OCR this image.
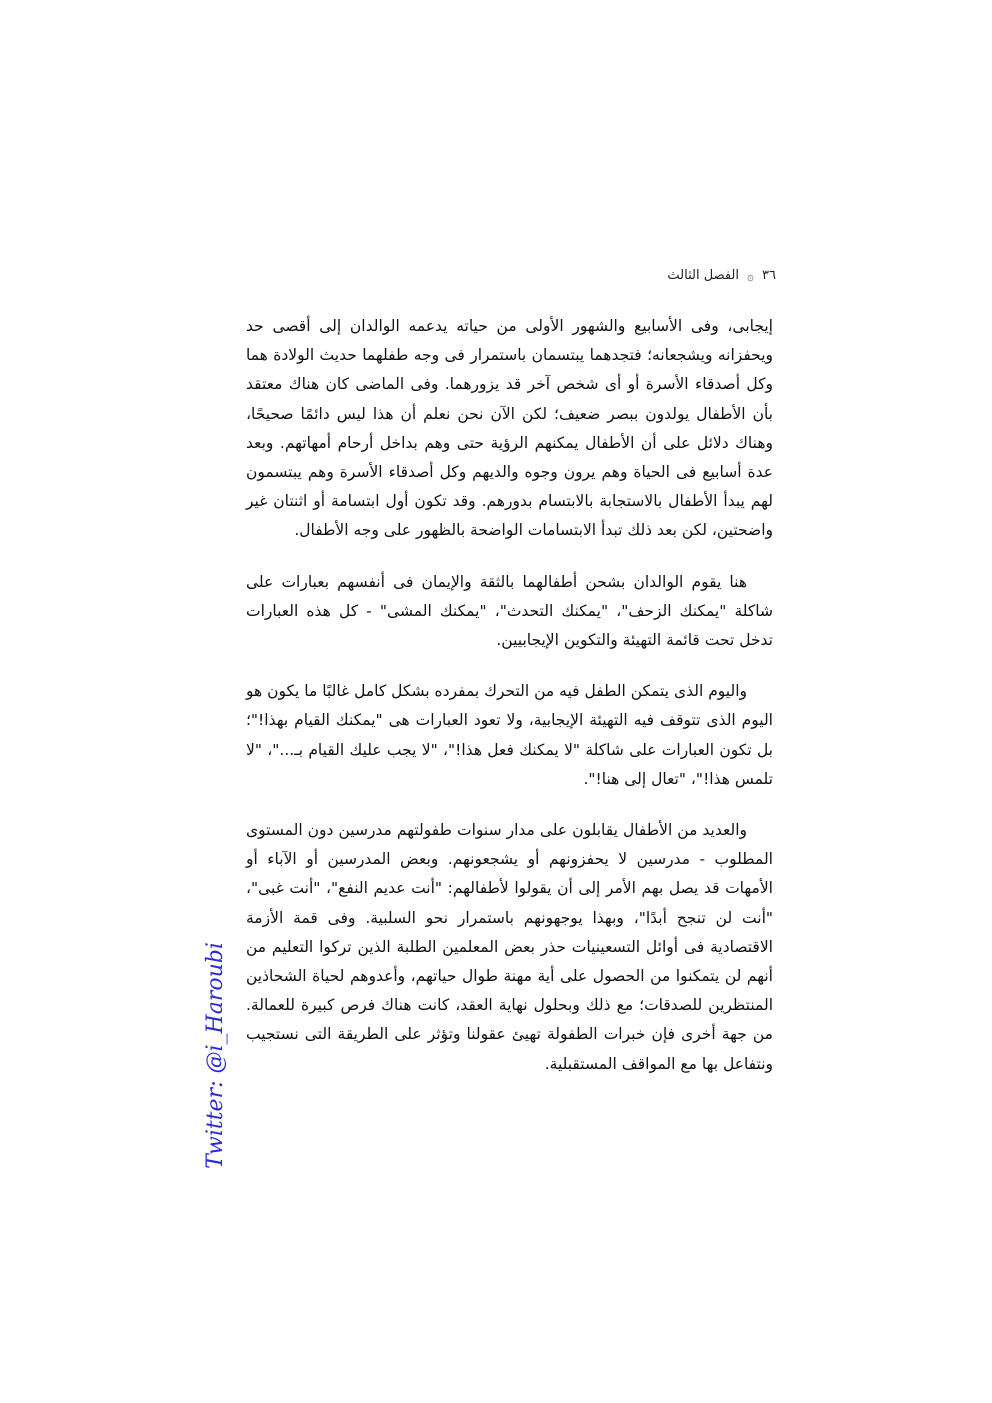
٣٦
۞
الفصل الثالث

إيجابى، وفى الأسابيع والشهور الأولى من حياته يدعمه الوالدان إلى أقصى حد ويحفزانه ويشجعانه؛ فتجدهما يبتسمان باستمرار فى وجه طفلهما حديث الولادة هما وكل أصدقاء الأسرة أو أى شخص آخر قد يزورهما. وفى الماضى كان هناك معتقد بأن الأطفال يولدون ببصر ضعيف؛ لكن الآن نحن نعلم أن هذا ليس دائمًا صحيحًا، وهناك دلائل على أن الأطفال يمكنهم الرؤية حتى وهم بداخل أرحام أمهاتهم. وبعد عدة أسابيع فى الحياة وهم يرون وجوه والديهم وكل أصدقاء الأسرة وهم يبتسمون لهم يبدأ الأطفال بالاستجابة بالابتسام بدورهم. وقد تكون أول ابتسامة أو اثنتان غير واضحتين، لكن بعد ذلك تبدأ الابتسامات الواضحة بالظهور على وجه الأطفال.

هنا يقوم الوالدان بشحن أطفالهما بالثقة والإيمان فى أنفسهم بعبارات على شاكلة "يمكنك الزحف"، "يمكنك التحدث"، "يمكنك المشى" - كل هذه العبارات تدخل تحت قائمة التهيئة والتكوين الإيجابيين.

واليوم الذى يتمكن الطفل فيه من التحرك بمفرده بشكل كامل غالبًا ما يكون هو اليوم الذى تتوقف فيه التهيئة الإيجابية، ولا تعود العبارات هى "يمكنك القيام بهذا!"؛ بل تكون العبارات على شاكلة "لا يمكنك فعل هذا!"، "لا يجب عليك القيام بـ..."، "لا تلمس هذا!"، "تعال إلى هنا!".

والعديد من الأطفال يقابلون على مدار سنوات طفولتهم مدرسين دون المستوى المطلوب - مدرسين لا يحفزونهم أو يشجعونهم. وبعض المدرسين أو الآباء أو الأمهات قد يصل بهم الأمر إلى أن يقولوا لأطفالهم: "أنت عديم النفع"، "أنت غبى"، "أنت لن تنجح أبدًا"، وبهذا يوجهونهم باستمرار نحو السلبية. وفى قمة الأزمة الاقتصادية فى أوائل التسعينيات حذر بعض المعلمين الطلبة الذين تركوا التعليم من أنهم لن يتمكنوا من الحصول على أية مهنة طوال حياتهم، وأعدوهم لحياة الشحاذين المنتظرين للصدقات؛ مع ذلك وبحلول نهاية العقد، كانت هناك فرص كبيرة للعمالة. من جهة أخرى فإن خبرات الطفولة تهيئ عقولنا وتؤثر على الطريقة التى نستجيب ونتفاعل بها مع المواقف المستقبلية.

Twitter: @i_Haroubi
